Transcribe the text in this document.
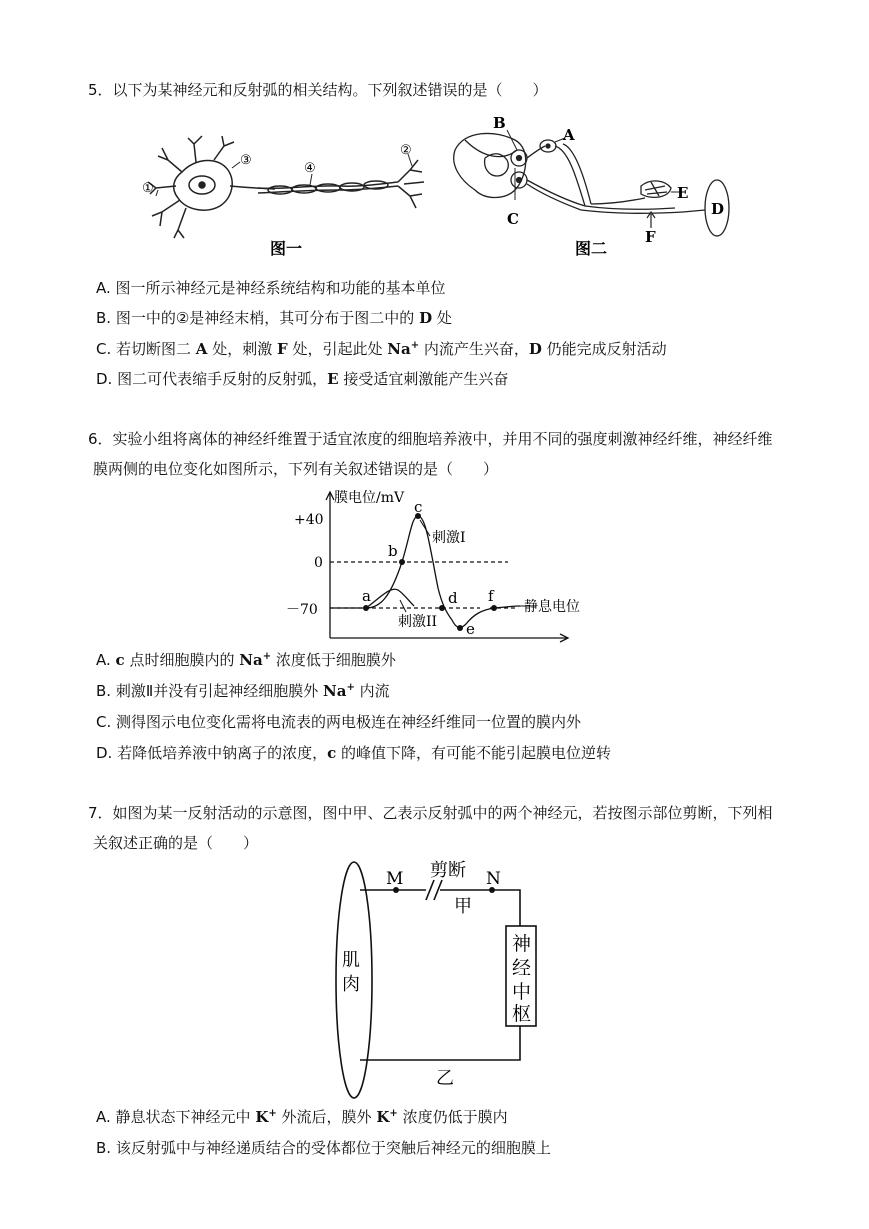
5．以下为某神经元和反射弧的相关结构。下列叙述错误的是（　　）
③
④
②
①
图一
B
A
C
E
D
F
图二
A. 图一所示神经元是神经系统结构和功能的基本单位
B. 图一中的②是神经末梢，其可分布于图二中的 D 处
C. 若切断图二 A 处，刺激 F 处，引起此处 Na+ 内流产生兴奋，D 仍能完成反射活动
D. 图二可代表缩手反射的反射弧，E 接受适宜刺激能产生兴奋
6．实验小组将离体的神经纤维置于适宜浓度的细胞培养液中，并用不同的强度刺激神经纤维，神经纤维
膜两侧的电位变化如图所示，下列有关叙述错误的是（　　）
膜电位/mV
+40
0
－70
a
b
c
d
e
f
刺激I
刺激II
静息电位
A. c 点时细胞膜内的 Na+ 浓度低于细胞膜外
B. 刺激Ⅱ并没有引起神经细胞膜外 Na+ 内流
C. 测得图示电位变化需将电流表的两电极连在神经纤维同一位置的膜内外
D. 若降低培养液中钠离子的浓度，c 的峰值下降，有可能不能引起膜电位逆转
7．如图为某一反射活动的示意图，图中甲、乙表示反射弧中的两个神经元，若按图示部位剪断，下列相
关叙述正确的是（　　）
M	N
剪断
甲
肌
肉
神
经
中
枢
乙
A. 静息状态下神经元中 K+ 外流后，膜外 K+ 浓度仍低于膜内
B. 该反射弧中与神经递质结合的受体都位于突触后神经元的细胞膜上
